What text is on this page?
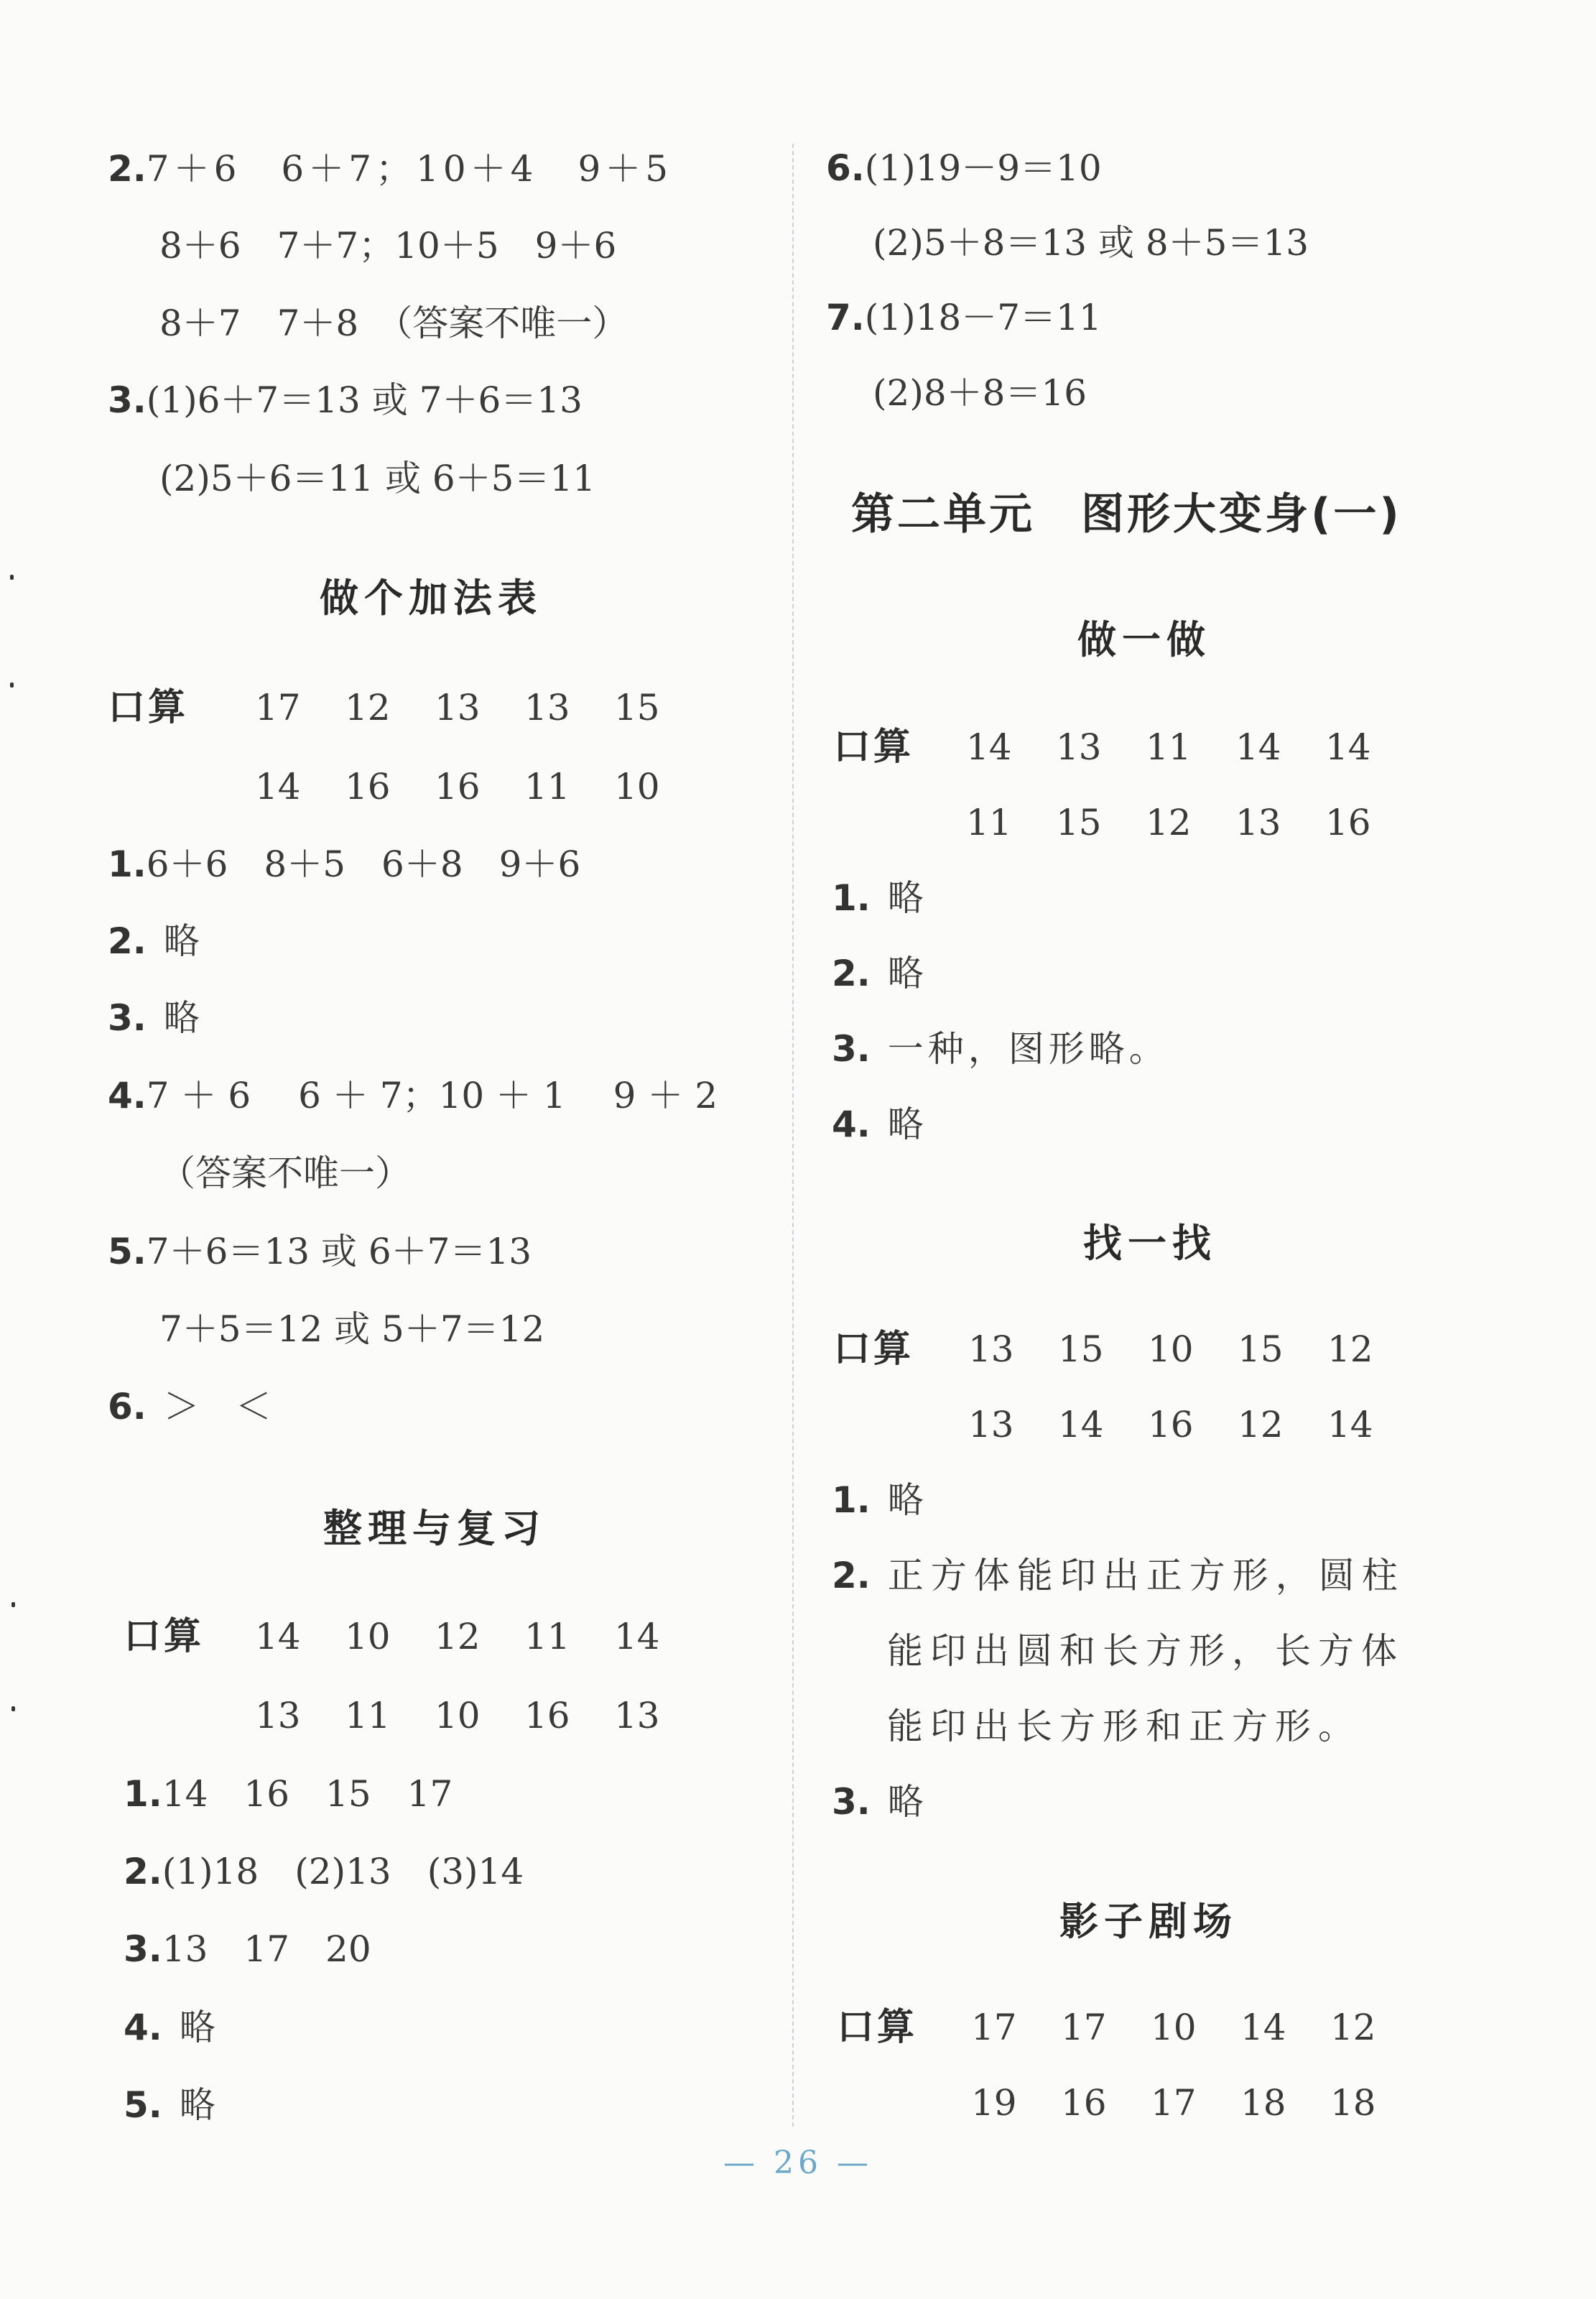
2.7＋6　6＋7；10＋4　9＋5
8＋6　7＋7；10＋5　9＋6
8＋7　7＋8　（答案不唯一）
3.(1)6＋7＝13 或 7＋6＝13
(2)5＋6＝11 或 6＋5＝11
做个加法表
口算 17 12 13 13 15
14 16 16 11 10
1.6＋6　8＋5　6＋8　9＋6
2. 略
3. 略
4.7 ＋ 6　 6 ＋ 7；10 ＋ 1　 9 ＋ 2
（答案不唯一）
5.7＋6＝13 或 6＋7＝13
7＋5＝12 或 5＋7＝12
6. ＞　＜
整理与复习
口算 14 10 12 11 14
13 11 10 16 13
1.14　16　15　17
2.(1)18　(2)13　(3)14
3.13　17　20
4. 略
5. 略
6.(1)19－9＝10
(2)5＋8＝13 或 8＋5＝13
7.(1)18－7＝11
(2)8＋8＝16
第二单元　图形大变身(一)
做一做
口算 14 13 11 14 14
11 15 12 13 16
1. 略
2. 略
3. 一种，图形略。
4. 略
找一找
口算 13 15 10 15 12
13 14 16 12 14
1. 略
2. 正方体能印出正方形，圆柱
能印出圆和长方形，长方体
能印出长方形和正方形。
3. 略
影子剧场
口算 17 17 10 14 12
19 16 17 18 18
— 26 —
